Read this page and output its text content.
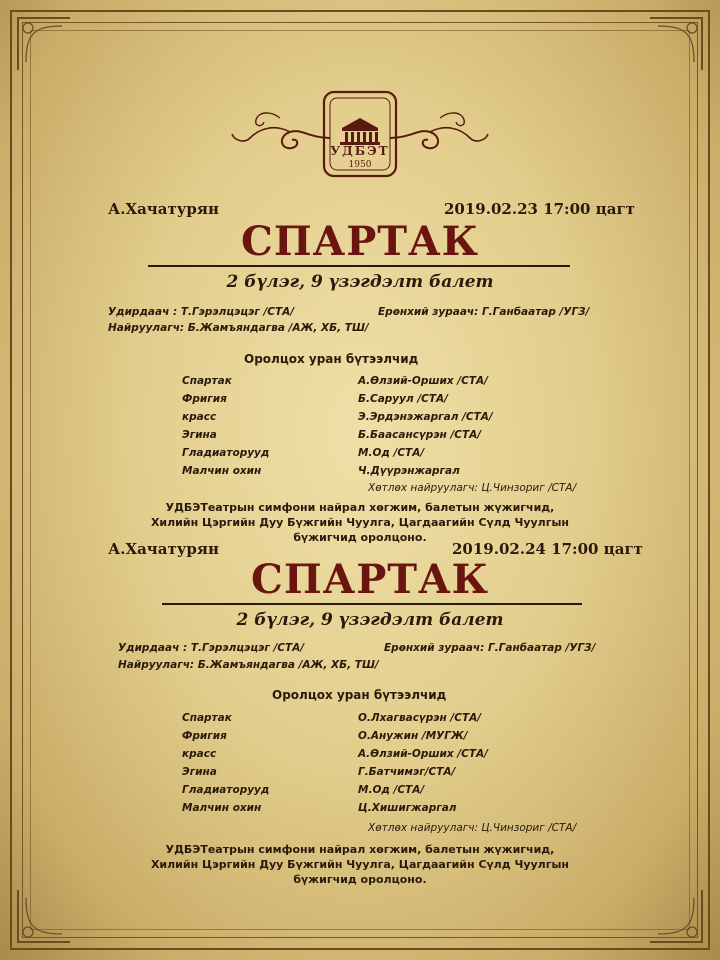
УДБЭТ
1950
А.Хачатурян	2019.02.23 17:00 цагт
СПАРТАК
2 бүлэг, 9 үзэгдэлт балет
Удирдаач : Т.Гэрэлцэцэг /СТА/	Ерөнхий зураач: Г.Ганбаатар /УГЗ/
Найруулагч: Б.Жамъяндагва /АЖ, ХБ, ТШ/
Оролцох уран бүтээлчид
Спартак	А.Өлзий-Орших /СТА/
Фригия	Б.Саруул /СТА/
красс	Э.Эрдэнэжаргал /СТА/
Эгина	Б.Баасансүрэн /СТА/
Гладиаторууд	М.Од /СТА/
Малчин охин	Ч.Дүүрэнжаргал
Хөтлөх найруулагч: Ц.Чинзориг /СТА/
УДБЭТеатрын симфони найрал хөгжим, балетын жүжигчид, Хилийн Цэргийн Дуу Бүжгийн Чуулга, Цагдаагийн Сүлд Чуулгын бүжигчид оролцоно.
А.Хачатурян	2019.02.24 17:00 цагт
СПАРТАК
2 бүлэг, 9 үзэгдэлт балет
Удирдаач : Т.Гэрэлцэцэг /СТА/	Ерөнхий зураач: Г.Ганбаатар /УГЗ/
Найруулагч: Б.Жамъяндагва /АЖ, ХБ, ТШ/
Оролцох уран бүтээлчид
Спартак	О.Лхагвасүрэн /СТА/
Фригия	О.Анужин /МУГЖ/
красс	А.Өлзий-Орших /СТА/
Эгина	Г.Батчимэг/СТА/
Гладиаторууд	М.Од /СТА/
Малчин охин	Ц.Хишигжаргал
Хөтлөх найруулагч: Ц.Чинзориг /СТА/
УДБЭТеатрын симфони найрал хөгжим, балетын жүжигчид, Хилийн Цэргийн Дуу Бүжгийн Чуулга, Цагдаагийн Сүлд Чуулгын бүжигчид оролцоно.
